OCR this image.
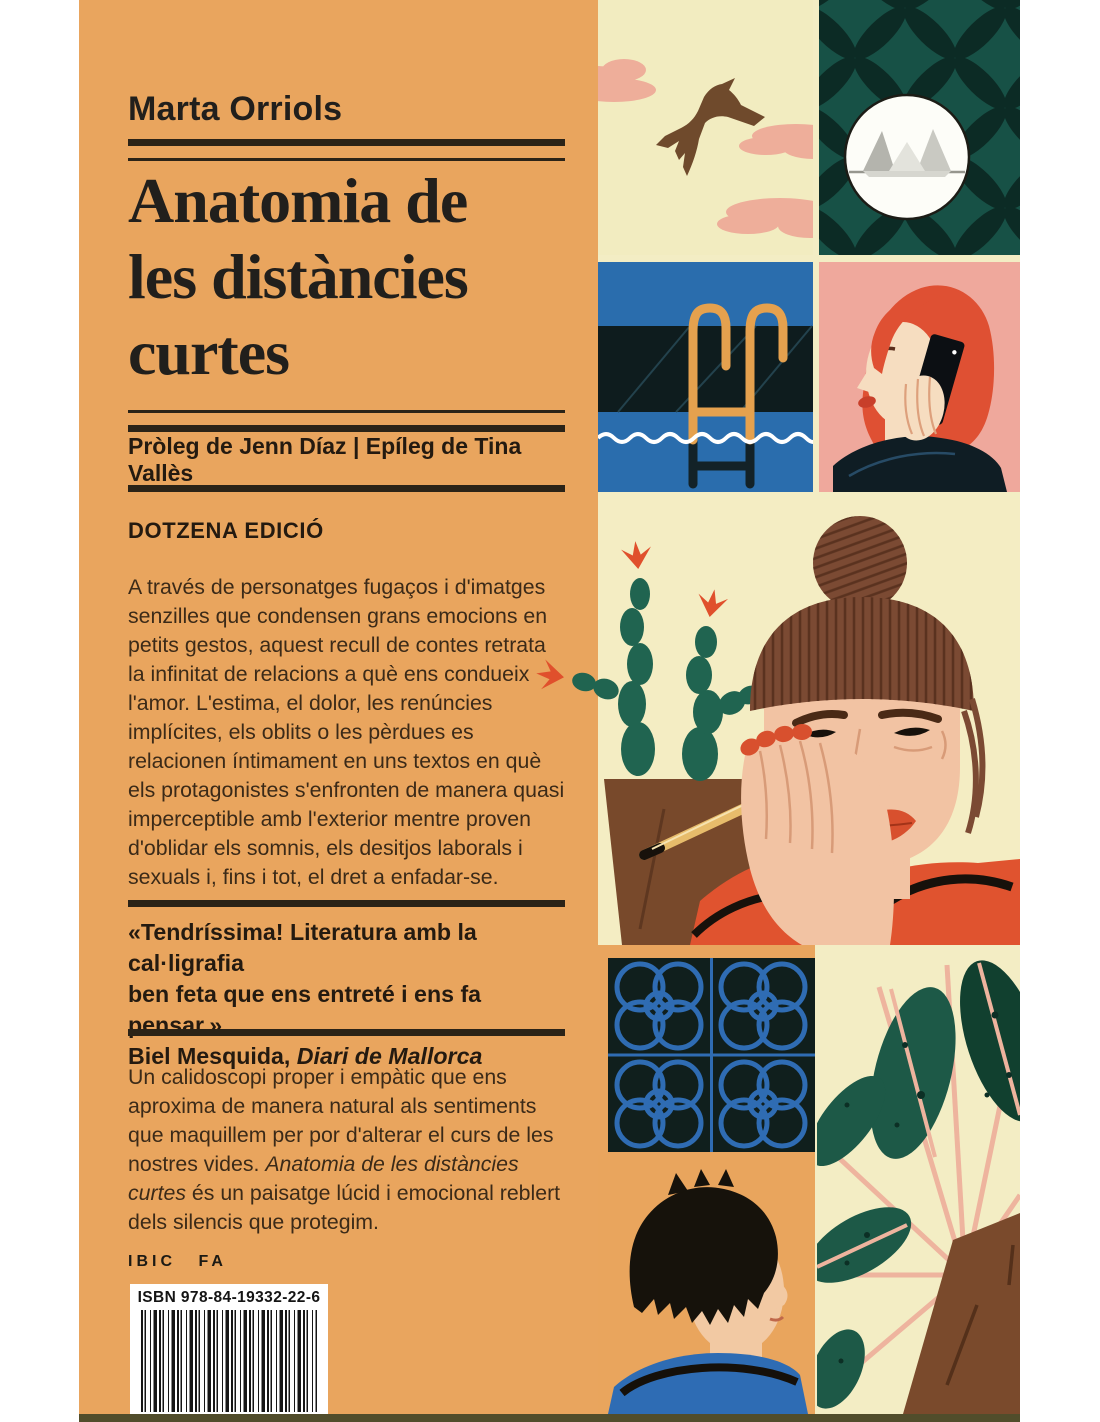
Marta Orriols
Anatomia de
les distàncies
curtes
Pròleg de Jenn Díaz | Epíleg de Tina Vallès
DOTZENA EDICIÓ

A través de personatges fugaços i d'imatges senzilles que condensen grans emocions en petits gestos, aquest recull de contes retrata la infinitat de relacions a què ens condueix l'amor. L'estima, el dolor, les renúncies implícites, els oblits o les pèrdues es relacionen íntimament en uns textos en què els protagonistes s'enfronten de manera quasi imperceptible amb l'exterior mentre proven d'oblidar els somnis, els desitjos laborals i sexuals i, fins i tot, el dret a enfadar-se.

«Tendríssima! Literatura amb la cal·ligrafia
ben feta que ens entreté i ens fa pensar.»
Biel Mesquida, Diari de Mallorca

Un calidoscopi proper i empàtic que ens aproxima de manera natural als sentiments que maquillem per por d'alterar el curs de les nostres vides. Anatomia de les distàncies curtes és un paisatge lúcid i emocional reblert dels silencis que protegim.

IBIC FA
ISBN 978-84-19332-22-6
